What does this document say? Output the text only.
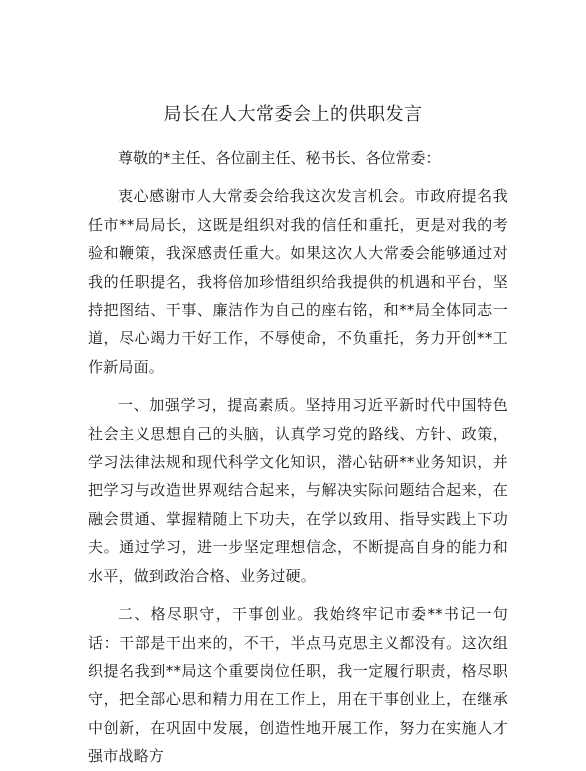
局长在人大常委会上的供职发言

尊敬的*主任、各位副主任、秘书长、各位常委：

衷心感谢市人大常委会给我这次发言机会。市政府提名我任市**局局长，这既是组织对我的信任和重托，更是对我的考验和鞭策，我深感责任重大。如果这次人大常委会能够通过对我的任职提名，我将倍加珍惜组织给我提供的机遇和平台，坚持把图结、干事、廉洁作为自己的座右铭，和**局全体同志一道，尽心竭力干好工作，不辱使命，不负重托，务力开创**工作新局面。

一、加强学习，提高素质。坚持用习近平新时代中国特色社会主义思想自己的头脑，认真学习党的路线、方针、政策，学习法律法规和现代科学文化知识，潜心钻研**业务知识，并把学习与改造世界观结合起来，与解决实际问题结合起来，在融会贯通、掌握精随上下功夫，在学以致用、指导实践上下功夫。通过学习，进一步坚定理想信念，不断提高自身的能力和水平，做到政治合格、业务过硬。

二、格尽职守，干事创业。我始终牢记市委**书记一句话：干部是干出来的，不干，半点马克思主义都没有。这次组织提名我到**局这个重要岗位任职，我一定履行职责，格尽职守，把全部心思和精力用在工作上，用在干事创业上，在继承中创新，在巩固中发展，创造性地开展工作，努力在实施人才强市战略方
